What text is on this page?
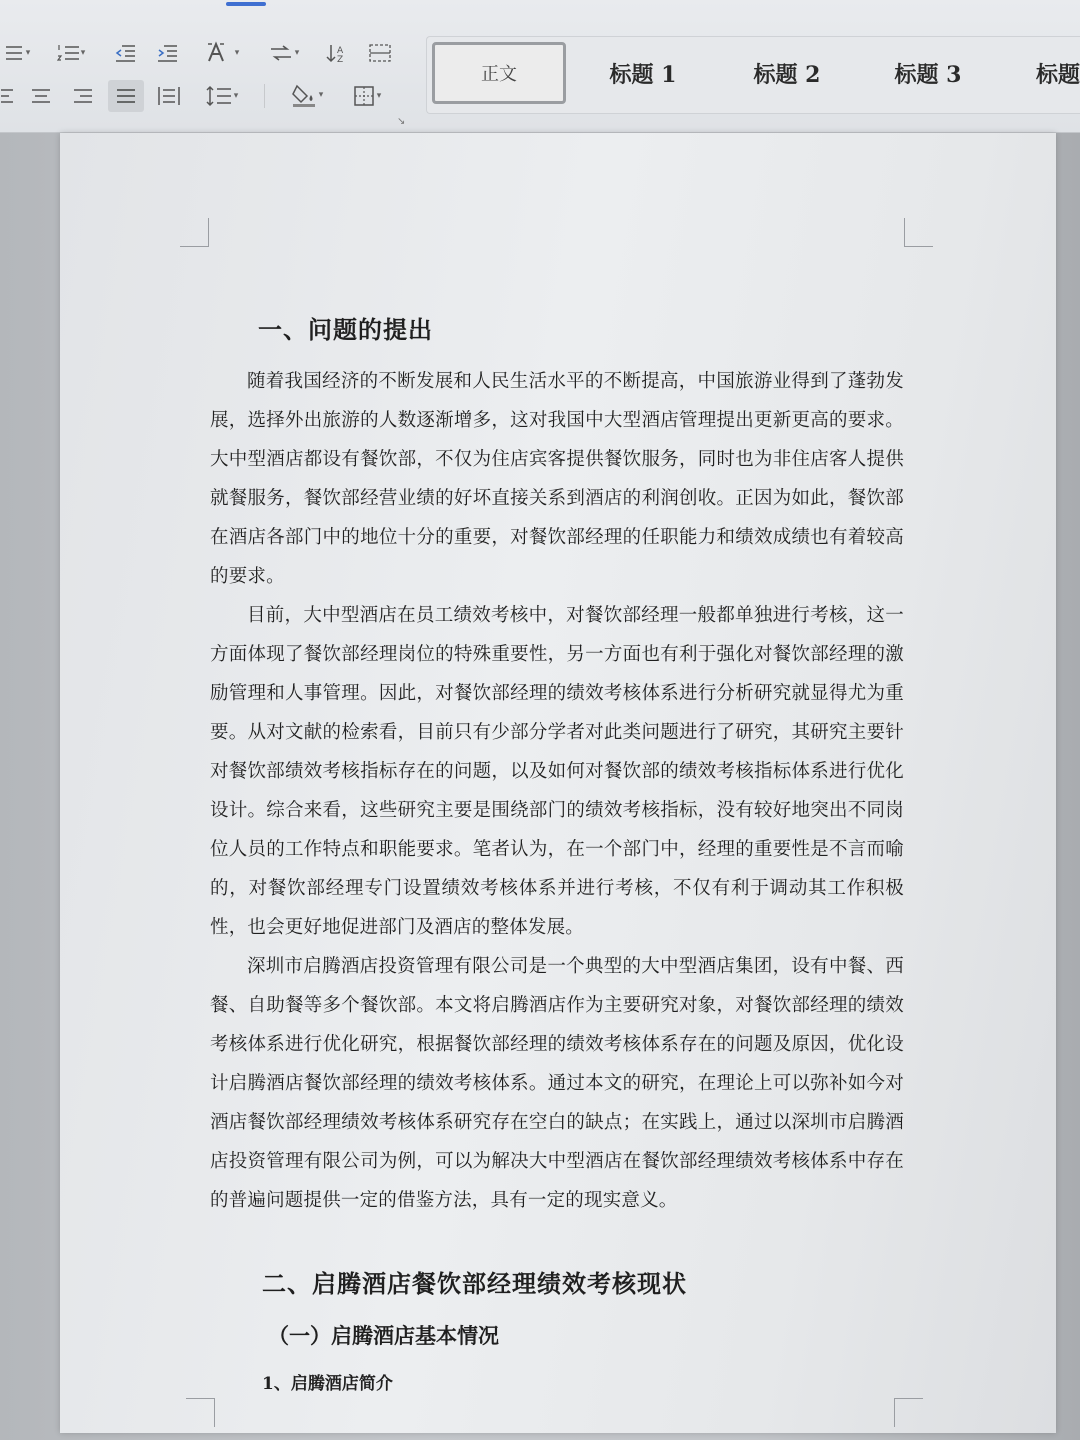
▾	▾	▾	▾	A
Z
▾	▾	▾
↘
正文	标题 1	标题 2	标题 3	标题
一、问题的提出

随着我国经济的不断发展和人民生活水平的不断提高，中国旅游业得到了蓬勃发展，选择外出旅游的人数逐渐增多，这对我国中大型酒店管理提出更新更高的要求。大中型酒店都设有餐饮部，不仅为住店宾客提供餐饮服务，同时也为非住店客人提供就餐服务，餐饮部经营业绩的好坏直接关系到酒店的利润创收。正因为如此，餐饮部在酒店各部门中的地位十分的重要，对餐饮部经理的任职能力和绩效成绩也有着较高的要求。

目前，大中型酒店在员工绩效考核中，对餐饮部经理一般都单独进行考核，这一方面体现了餐饮部经理岗位的特殊重要性，另一方面也有利于强化对餐饮部经理的激励管理和人事管理。因此，对餐饮部经理的绩效考核体系进行分析研究就显得尤为重要。从对文献的检索看，目前只有少部分学者对此类问题进行了研究，其研究主要针对餐饮部绩效考核指标存在的问题，以及如何对餐饮部的绩效考核指标体系进行优化设计。综合来看，这些研究主要是围绕部门的绩效考核指标，没有较好地突出不同岗位人员的工作特点和职能要求。笔者认为，在一个部门中，经理的重要性是不言而喻的，对餐饮部经理专门设置绩效考核体系并进行考核，不仅有利于调动其工作积极性，也会更好地促进部门及酒店的整体发展。

深圳市启腾酒店投资管理有限公司是一个典型的大中型酒店集团，设有中餐、西餐、自助餐等多个餐饮部。本文将启腾酒店作为主要研究对象，对餐饮部经理的绩效考核体系进行优化研究，根据餐饮部经理的绩效考核体系存在的问题及原因，优化设计启腾酒店餐饮部经理的绩效考核体系。通过本文的研究，在理论上可以弥补如今对酒店餐饮部经理绩效考核体系研究存在空白的缺点；在实践上，通过以深圳市启腾酒店投资管理有限公司为例，可以为解决大中型酒店在餐饮部经理绩效考核体系中存在的普遍问题提供一定的借鉴方法，具有一定的现实意义。

二、启腾酒店餐饮部经理绩效考核现状
（一）启腾酒店基本情况
1、启腾酒店简介
